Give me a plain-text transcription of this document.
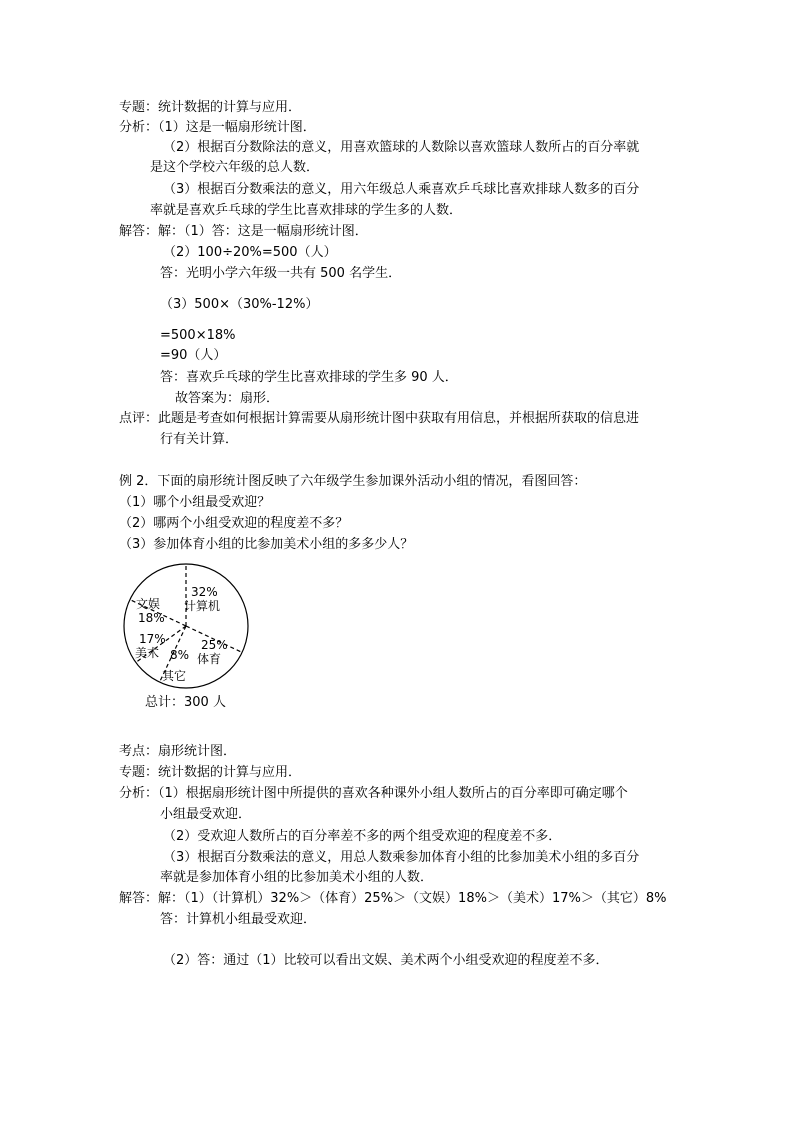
专题：统计数据的计算与应用．
分析：（1）这是一幅扇形统计图．
（2）根据百分数除法的意义，用喜欢篮球的人数除以喜欢篮球人数所占的百分率就
是这个学校六年级的总人数．
（3）根据百分数乘法的意义，用六年级总人乘喜欢乒乓球比喜欢排球人数多的百分
率就是喜欢乒乓球的学生比喜欢排球的学生多的人数．
解答：解：（1）答：这是一幅扇形统计图．
（2）100÷20%=500（人）
答：光明小学六年级一共有 500 名学生．
（3）500×（30%-12%）
=500×18%
=90（人）
答：喜欢乒乓球的学生比喜欢排球的学生多 90 人．
故答案为：扇形．
点评：此题是考查如何根据计算需要从扇形统计图中获取有用信息，并根据所获取的信息进
行有关计算．
例 2．下面的扇形统计图反映了六年级学生参加课外活动小组的情况，看图回答：
（1）哪个小组最受欢迎？
（2）哪两个小组受欢迎的程度差不多？
（3）参加体育小组的比参加美术小组的多多少人？
32%
计算机
25%
体育
8%
其它
17%
美术
文娱
18%
总计：300 人
考点：扇形统计图．
专题：统计数据的计算与应用．
分析：（1）根据扇形统计图中所提供的喜欢各种课外小组人数所占的百分率即可确定哪个
小组最受欢迎．
（2）受欢迎人数所占的百分率差不多的两个组受欢迎的程度差不多．
（3）根据百分数乘法的意义，用总人数乘参加体育小组的比参加美术小组的多百分
率就是参加体育小组的比参加美术小组的人数．
解答：解：（1）（计算机）32%＞（体育）25%＞（文娱）18%＞（美术）17%＞（其它）8%
答：计算机小组最受欢迎．
（2）答：通过（1）比较可以看出文娱、美术两个小组受欢迎的程度差不多．
